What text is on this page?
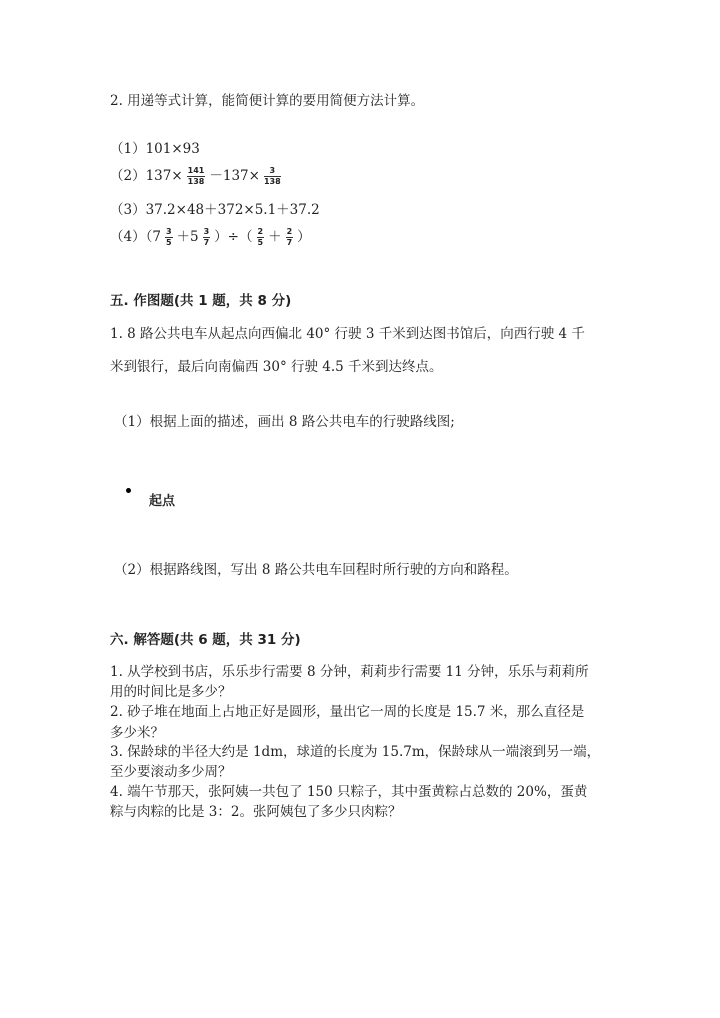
2. 用递等式计算，能简便计算的要用简便方法计算。
（1）101×93
$(2)137\times \frac{141}{138} -137\times \frac{3}{138}$
（3）37.2×48＋372×5.1＋37.2
$(4)(7 \frac{3}{5} +5 \frac{3}{7}$ ）÷（ $\frac{2}{5} + \frac{2}{7}$ ）
五. 作图题(共 1 题，共 8 分)
1. 8 路公共电车从起点向西偏北 40° 行驶 3 千米到达图书馆后，向西行驶 4 千
米到银行，最后向南偏西 30° 行驶 4.5 千米到达终点。
（1）根据上面的描述，画出 8 路公共电车的行驶路线图;
起点
（2）根据路线图，写出 8 路公共电车回程时所行驶的方向和路程。
六. 解答题(共 6 题，共 31 分)
1. 从学校到书店，乐乐步行需要 8 分钟，莉莉步行需要 11 分钟，乐乐与莉莉所
用的时间比是多少？
2. 砂子堆在地面上占地正好是圆形，量出它一周的长度是 15.7 米，那么直径是
多少米？
3. 保龄球的半径大约是 1dm，球道的长度为 15.7m，保龄球从一端滚到另一端，
至少要滚动多少周？
4. 端午节那天，张阿姨一共包了 150 只粽子，其中蛋黄粽占总数的 20%，蛋黄
粽与肉粽的比是 3：2。张阿姨包了多少只肉粽？
